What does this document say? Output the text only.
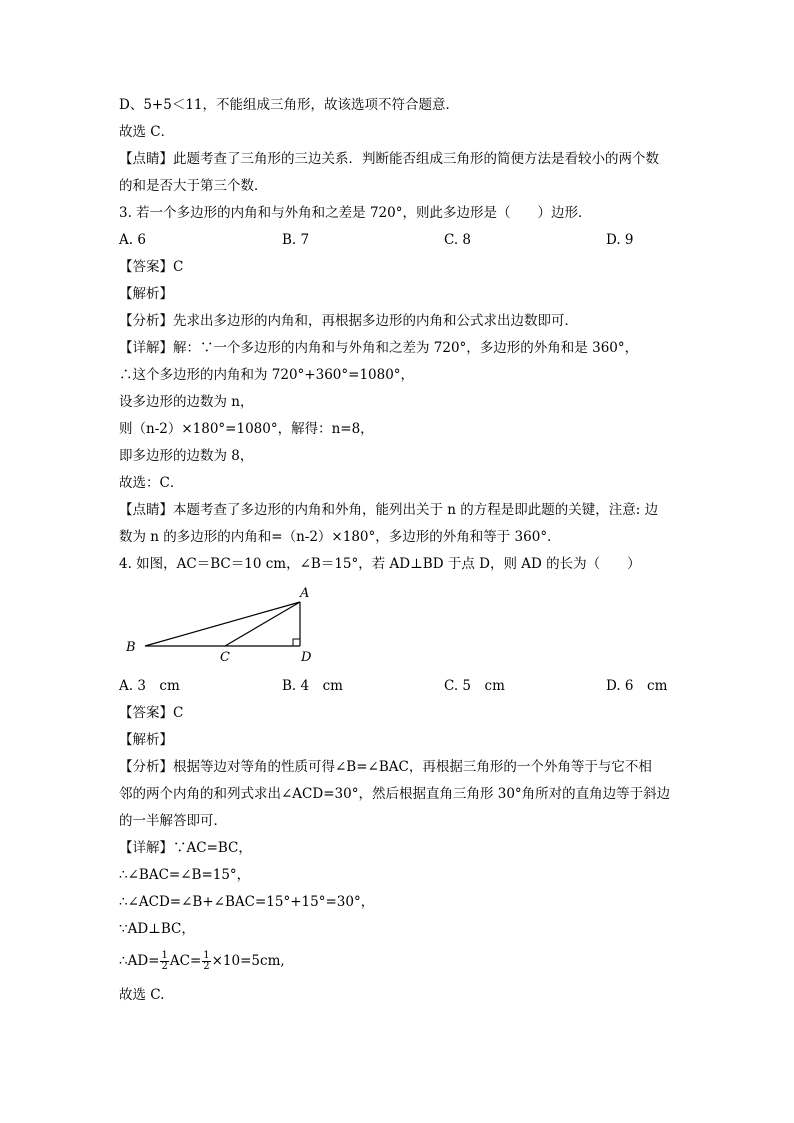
D、5+5＜11，不能组成三角形，故该选项不符合题意．
故选 C．
【点睛】此题考查了三角形的三边关系．判断能否组成三角形的简便方法是看较小的两个数
的和是否大于第三个数．
3. 若一个多边形的内角和与外角和之差是 720°，则此多边形是（　　）边形．
A. 6	B. 7	C. 8	D. 9
【答案】C
【解析】
【分析】先求出多边形的内角和，再根据多边形的内角和公式求出边数即可．
【详解】解：∵一个多边形的内角和与外角和之差为 720°，多边形的外角和是 360°，
∴这个多边形的内角和为 720°+360°=1080°，
设多边形的边数为 n，
则（n-2）×180°=1080°，解得：n=8，
即多边形的边数为 8，
故选：C．
【点睛】本题考查了多边形的内角和外角，能列出关于 n 的方程是即此题的关键，注意: 边
数为 n 的多边形的内角和=（n-2）×180°，多边形的外角和等于 360°．
4. 如图，AC＝BC＝10 cm，∠B＝15°，若 AD⊥BD 于点 D，则 AD 的长为（　　）
A
B
C	D
A. 3　cm	B. 4　cm	C. 5　cm	D. 6　cm
【答案】C
【解析】
【分析】根据等边对等角的性质可得∠B=∠BAC，再根据三角形的一个外角等于与它不相
邻的两个内角的和列式求出∠ACD=30°，然后根据直角三角形 30°角所对的直角边等于斜边
的一半解答即可．
【详解】∵AC=BC，
∴∠BAC=∠B=15°，
∴∠ACD=∠B+∠BAC=15°+15°=30°，
∵AD⊥BC，
∴AD= $\frac{1}{2} AC= \frac{1}{2} \times 10=5cm$,
故选 C.
